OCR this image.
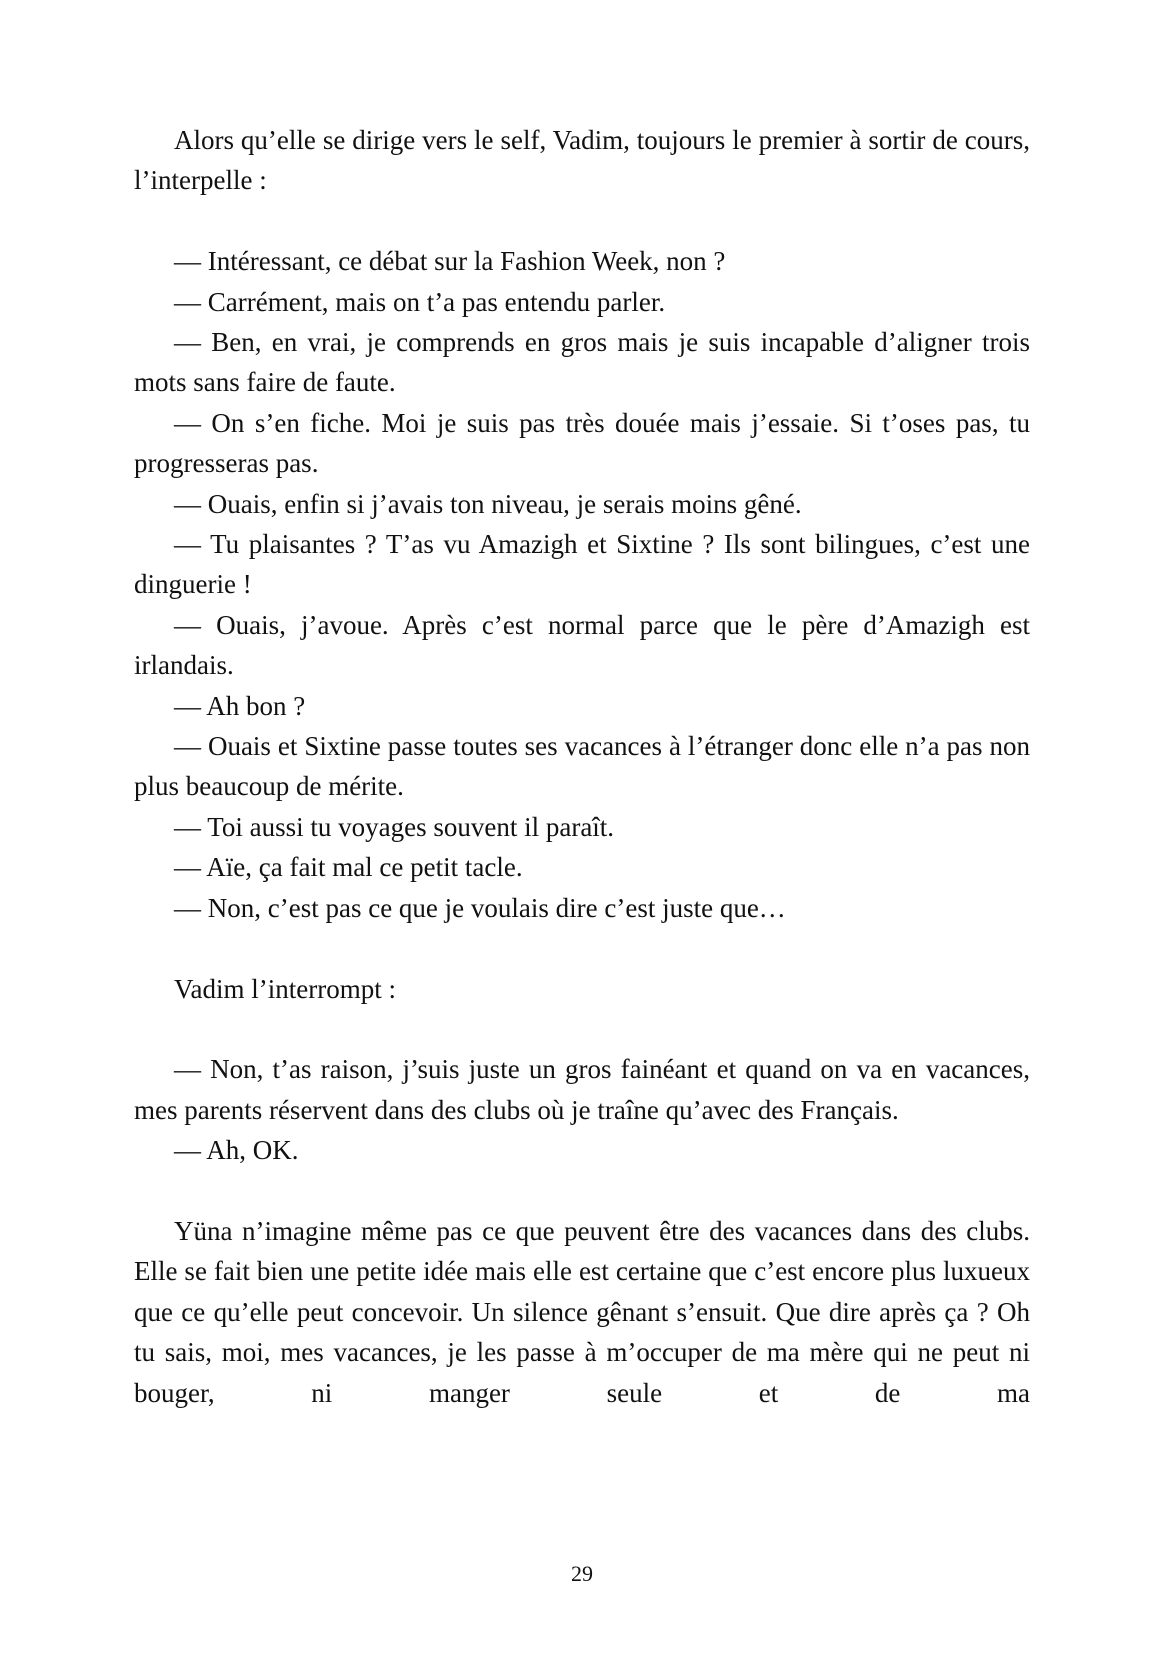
Alors qu’elle se dirige vers le self, Vadim, toujours le premier à sortir de cours, l’interpelle :

— Intéressant, ce débat sur la Fashion Week, non ?

— Carrément, mais on t’a pas entendu parler.

— Ben, en vrai, je comprends en gros mais je suis incapable d’aligner trois mots sans faire de faute.

— On s’en fiche. Moi je suis pas très douée mais j’essaie. Si t’oses pas, tu progresseras pas.

— Ouais, enfin si j’avais ton niveau, je serais moins gêné.

— Tu plaisantes ? T’as vu Amazigh et Sixtine ? Ils sont bilingues, c’est une dinguerie !

— Ouais, j’avoue. Après c’est normal parce que le père d’Amazigh est irlandais.

— Ah bon ?

— Ouais et Sixtine passe toutes ses vacances à l’étranger donc elle n’a pas non plus beaucoup de mérite.

— Toi aussi tu voyages souvent il paraît.

— Aïe, ça fait mal ce petit tacle.

— Non, c’est pas ce que je voulais dire c’est juste que…

Vadim l’interrompt :

— Non, t’as raison, j’suis juste un gros fainéant et quand on va en vacances, mes parents réservent dans des clubs où je traîne qu’avec des Français.

— Ah, OK.

Yüna n’imagine même pas ce que peuvent être des vacances dans des clubs. Elle se fait bien une petite idée mais elle est certaine que c’est encore plus luxueux que ce qu’elle peut concevoir. Un silence gênant s’ensuit. Que dire après ça ? Oh tu sais, moi, mes vacances, je les passe à m’occuper de ma mère qui ne peut ni bouger, ni manger seule et de ma

29
